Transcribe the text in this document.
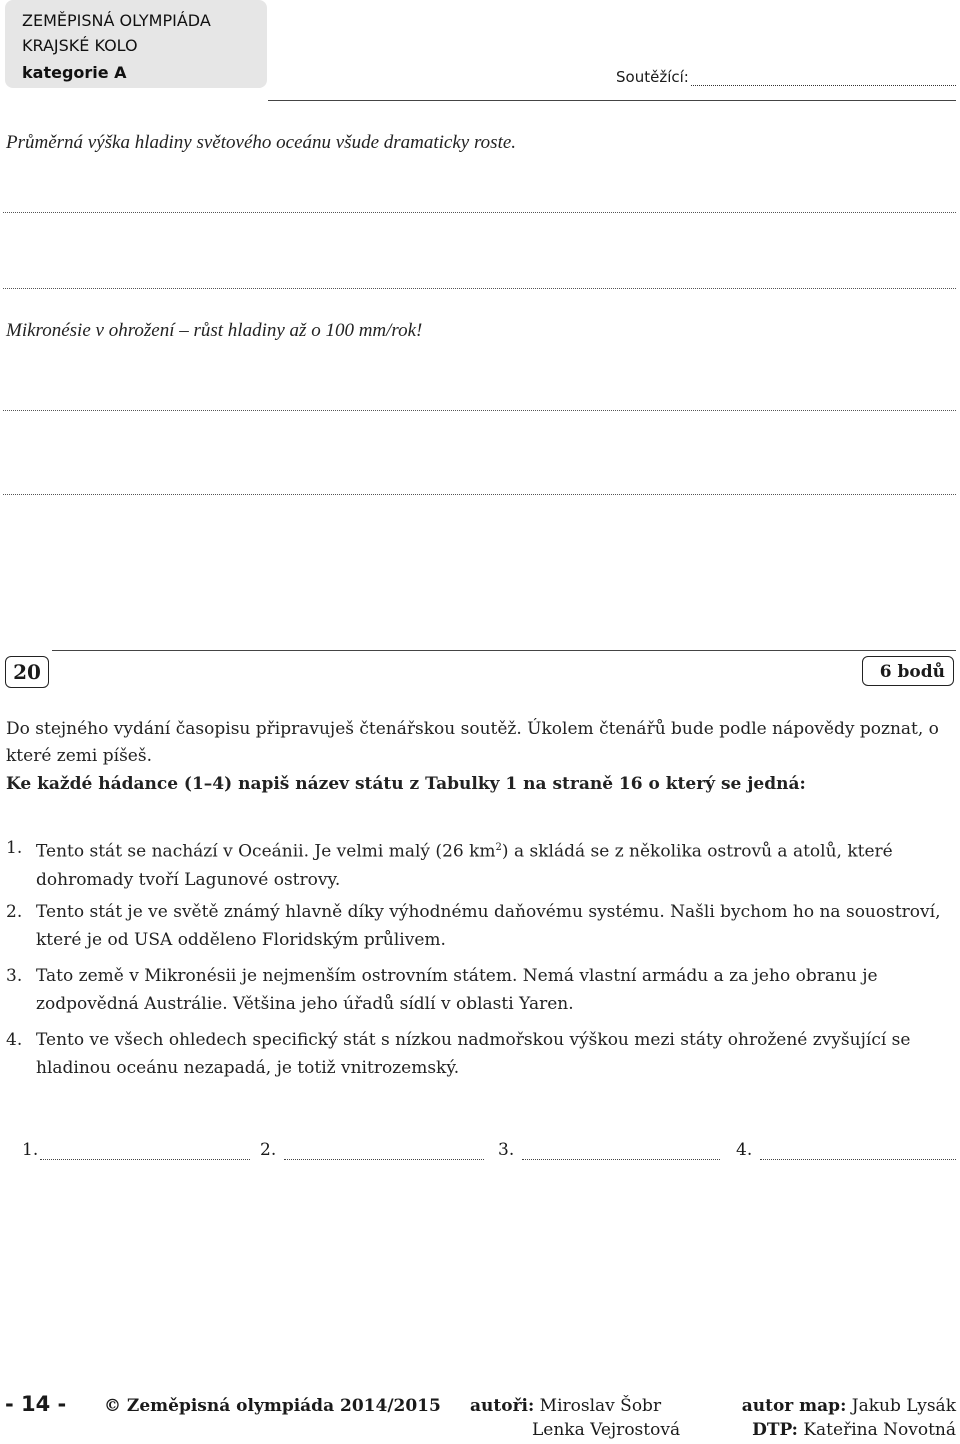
ZEMĚPISNÁ OLYMPIÁDA
KRAJSKÉ KOLO
kategorie A	Soutěžící:
Průměrná výška hladiny světového oceánu všude dramaticky roste.
Mikronésie v ohrožení – růst hladiny až o 100 mm/rok!
20	6 bodů
Do stejného vydání časopisu připravuješ čtenářskou soutěž. Úkolem čtenářů bude podle nápovědy poznat, o které zemi píšeš.
Ke každé hádance (1–4) napiš název státu z Tabulky 1 na straně 16 o který se jedná:
1. Tento stát se nachází v Oceánii. Je velmi malý (26 $km^2$) a skládá se z několika ostrovů a atolů, které dohromady tvoří Lagunové ostrovy.
2. Tento stát je ve světě známý hlavně díky výhodnému daňovému systému. Našli bychom ho na souostroví, které je od USA odděleno Floridským průlivem.
3. Tato země v Mikronésii je nejmenším ostrovním státem. Nemá vlastní armádu a za jeho obranu je zodpovědná Austrálie. Většina jeho úřadů sídlí v oblasti Yaren.
4. Tento ve všech ohledech specifický stát s nízkou nadmořskou výškou mezi státy ohrožené zvyšující se hladinou oceánu nezapadá, je totiž vnitrozemský.
1.	2.	3.	4.
- 14 - © Zeměpisná olympiáda 2014/2015 autoři: Miroslav Šobr
Lenka Vejrostová
autor map: Jakub Lysák
DTP: Kateřina Novotná
